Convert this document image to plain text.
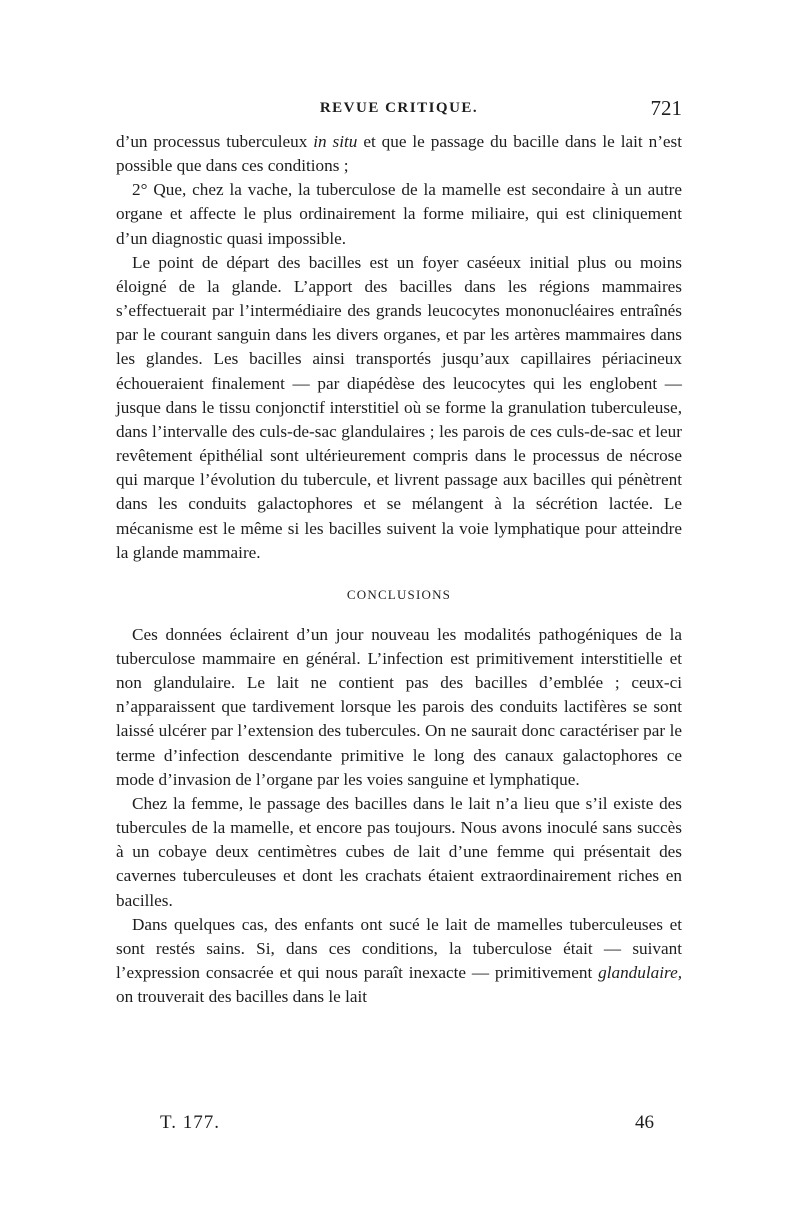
REVUE CRITIQUE.	721

d’un processus tuberculeux in situ et que le passage du bacille dans le lait n’est possible que dans ces conditions ;

2° Que, chez la vache, la tuberculose de la mamelle est secondaire à un autre organe et affecte le plus ordinairement la forme miliaire, qui est cliniquement d’un diagnostic quasi impossible.

Le point de départ des bacilles est un foyer caséeux initial plus ou moins éloigné de la glande. L’apport des bacilles dans les régions mammaires s’effectuerait par l’intermédiaire des grands leucocytes mononucléaires entraînés par le courant sanguin dans les divers organes, et par les artères mammaires dans les glandes. Les bacilles ainsi transportés jusqu’aux capillaires périacineux échoueraient finalement — par diapédèse des leucocytes qui les englobent — jusque dans le tissu conjonctif interstitiel où se forme la granulation tuberculeuse, dans l’intervalle des culs-de-sac glandulaires ; les parois de ces culs-de-sac et leur revêtement épithélial sont ultérieurement compris dans le processus de nécrose qui marque l’évolution du tubercule, et livrent passage aux bacilles qui pénètrent dans les conduits galactophores et se mélangent à la sécrétion lactée. Le mécanisme est le même si les bacilles suivent la voie lymphatique pour atteindre la glande mammaire.

CONCLUSIONS

Ces données éclairent d’un jour nouveau les modalités pathogéniques de la tuberculose mammaire en général. L’infection est primitivement interstitielle et non glandulaire. Le lait ne contient pas des bacilles d’emblée ; ceux-ci n’apparaissent que tardivement lorsque les parois des conduits lactifères se sont laissé ulcérer par l’extension des tubercules. On ne saurait donc caractériser par le terme d’infection descendante primitive le long des canaux galactophores ce mode d’invasion de l’organe par les voies sanguine et lymphatique.

Chez la femme, le passage des bacilles dans le lait n’a lieu que s’il existe des tubercules de la mamelle, et encore pas toujours. Nous avons inoculé sans succès à un cobaye deux centimètres cubes de lait d’une femme qui présentait des cavernes tuberculeuses et dont les crachats étaient extraordinairement riches en bacilles.

Dans quelques cas, des enfants ont sucé le lait de mamelles tuberculeuses et sont restés sains. Si, dans ces conditions, la tuberculose était — suivant l’expression consacrée et qui nous paraît inexacte — primitivement glandulaire, on trouverait des bacilles dans le lait

T. 177.	46
